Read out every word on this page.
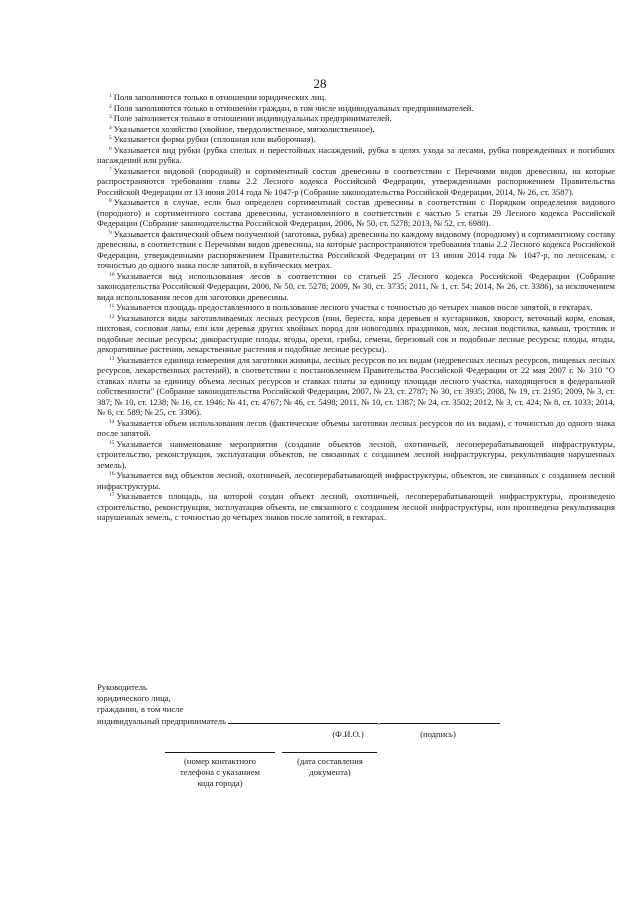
28

$^1$ Поля заполняются только в отношении юридических лиц.

$^2$ Поля заполняются только в отношении граждан, в том числе индивидуальных предпринимателей.

$^3$ Поле заполняется только в отношении индивидуальных предпринимателей.

$^4$ Указывается хозяйство (хвойное, твердолиственное, мягколиственное).

$^5$ Указывается форма рубки (сплошная или выборочная).

$^6$ Указывается вид рубки (рубка спелых и перестойных насаждений, рубка в целях ухода за лесами, рубка поврежденных и погибших насаждений или рубка.

$^7$ Указывается видовой (породный) и сортиментный состав древесины в соответствии с Перечнями видов древесины, на которые распространяются требования главы 2.2 Лесного кодекса Российской Федерации, утвержденными распоряжением Правительства Российской Федерации от 13 июня 2014 года № 1047-р (Собрание законодательства Российской Федерации, 2014, № 26, ст. 3587).

$^8$ Указывается в случае, если был определен сортиментный состав древесины в соответствии с Порядком определения видового (породного) и сортиментного состава древесины, установленного в соответствии с частью 5 статьи 29 Лесного кодекса Российской Федерации (Собрание законодательства Российской Федерации, 2006, № 50, ст. 5278; 2013, № 52, ст. 6980).

$^9$ Указывается фактический объем полученной (заготовка, рубка) древесины по каждому видовому (породному) и сортиментному составу древесины, в соответствии с Перечнями видов древесины, на которые распространяются требования главы 2.2 Лесного кодекса Российской Федерации, утвержденными распоряжением Правительства Российской Федерации от 13 июня 2014 года № 1047-р, по лесосекам, с точностью до одного знака после запятой, в кубических метрах.

$^{10}$ Указывается вид использования лесов в соответствии со статьей 25 Лесного кодекса Российской Федерации (Собрание законодательства Российской Федерации, 2006, № 50, ст. 5278; 2009, № 30, ст. 3735; 2011, № 1, ст. 54; 2014, № 26, ст. 3386), за исключением вида использования лесов для заготовки древесины.

$^{11}$ Указывается площадь предоставленного в пользование лесного участка с точностью до четырех знаков после запятой, в гектарах.

$^{12}$ Указываются виды заготавливаемых лесных ресурсов (пни, береста, кора деревьев и кустарников, хворост, веточный корм, еловая, пихтовая, сосновая лапы, ели или деревья других хвойных пород для новогодних праздников, мох, лесная подстилка, камыш, тростник и подобные лесные ресурсы; дикорастущие плоды, ягоды, орехи, грибы, семена, березовый сок и подобные лесные ресурсы; плоды, ягоды, декоративные растения, лекарственные растения и подобные лесные ресурсы).

$^{13}$ Указывается единица измерения для заготовки живицы, лесных ресурсов по их видам (недревесных лесных ресурсов, пищевых лесных ресурсов, лекарственных растений), в соответствии с постановлением Правительства Российской Федерации от 22 мая 2007 г. № 310 "О ставках платы за единицу объема лесных ресурсов и ставках платы за единицу площади лесного участка, находящегося в федеральной собственности" (Собрание законодательства Российской Федерации, 2007, № 23, ст. 2787; № 30, ст. 3935; 2008, № 19, ст. 2195; 2009, № 3, ст. 387; № 10, ст. 1238; № 16, ст. 1946; № 41, ст. 4767; № 46, ст. 5498; 2011, № 10, ст. 1387; № 24, ст. 3502; 2012, № 3, ст. 424; № 8, ст. 1033; 2014, № 6, ст. 589; № 25, ст. 3306).

$^{14}$ Указывается объем использования лесов (фактические объемы заготовки лесных ресурсов по их видам), с точностью до одного знака после запятой.

$^{15}$ Указывается наименование мероприятия (создание объектов лесной, охотничьей, лесоперерабатывающей инфраструктуры, строительство, реконструкция, эксплуатация объектов, не связанных с созданием лесной инфраструктуры, рекультивация нарушенных земель).

$^{16}$ Указывается вид объектов лесной, охотничьей, лесоперерабатывающей инфраструктуры, объектов, не связанных с созданием лесной инфраструктуры.

$^{17}$ Указывается площадь, на которой создан объект лесной, охотничьей, лесоперерабатывающей инфраструктуры, произведено строительство, реконструкция, эксплуатация объекта, не связанного с созданием лесной инфраструктуры, или произведена рекультивация нарушенных земель, с точностью до четырех знаков после запятой, в гектарах.

Руководитель
юридического лица,
гражданин, в том числе
индивидуальный предприниматель	,
(Ф.И.О.)	(подпись)
(номер контактного
телефона с указанием
кода города)
(дата составления
документа)
